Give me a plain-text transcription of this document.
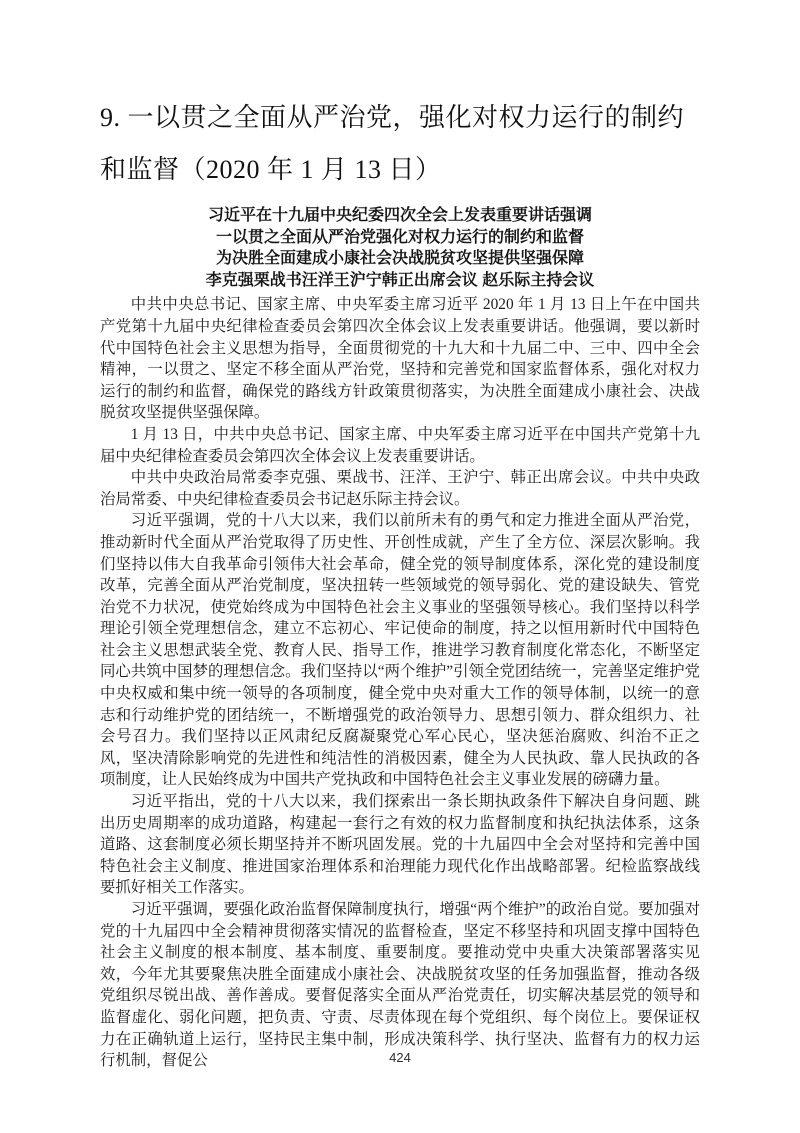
9. 一以贯之全面从严治党，强化对权力运行的制约和监督（2020 年 1 月 13 日）
习近平在十九届中央纪委四次全会上发表重要讲话强调
一以贯之全面从严治党强化对权力运行的制约和监督
为决胜全面建成小康社会决战脱贫攻坚提供坚强保障
李克强栗战书汪洋王沪宁韩正出席会议 赵乐际主持会议

中共中央总书记、国家主席、中央军委主席习近平 2020 年 1 月 13 日上午在中国共产党第十九届中央纪律检查委员会第四次全体会议上发表重要讲话。他强调，要以新时代中国特色社会主义思想为指导，全面贯彻党的十九大和十九届二中、三中、四中全会精神，一以贯之、坚定不移全面从严治党，坚持和完善党和国家监督体系，强化对权力运行的制约和监督，确保党的路线方针政策贯彻落实，为决胜全面建成小康社会、决战脱贫攻坚提供坚强保障。

1 月 13 日，中共中央总书记、国家主席、中央军委主席习近平在中国共产党第十九届中央纪律检查委员会第四次全体会议上发表重要讲话。

中共中央政治局常委李克强、栗战书、汪洋、王沪宁、韩正出席会议。中共中央政治局常委、中央纪律检查委员会书记赵乐际主持会议。

习近平强调，党的十八大以来，我们以前所未有的勇气和定力推进全面从严治党，推动新时代全面从严治党取得了历史性、开创性成就，产生了全方位、深层次影响。我们坚持以伟大自我革命引领伟大社会革命，健全党的领导制度体系，深化党的建设制度改革，完善全面从严治党制度，坚决扭转一些领域党的领导弱化、党的建设缺失、管党治党不力状况，使党始终成为中国特色社会主义事业的坚强领导核心。我们坚持以科学理论引领全党理想信念，建立不忘初心、牢记使命的制度，持之以恒用新时代中国特色社会主义思想武装全党、教育人民、指导工作，推进学习教育制度化常态化，不断坚定同心共筑中国梦的理想信念。我们坚持以“两个维护”引领全党团结统一，完善坚定维护党中央权威和集中统一领导的各项制度，健全党中央对重大工作的领导体制，以统一的意志和行动维护党的团结统一，不断增强党的政治领导力、思想引领力、群众组织力、社会号召力。我们坚持以正风肃纪反腐凝聚党心军心民心，坚决惩治腐败、纠治不正之风，坚决清除影响党的先进性和纯洁性的消极因素，健全为人民执政、靠人民执政的各项制度，让人民始终成为中国共产党执政和中国特色社会主义事业发展的磅礴力量。

习近平指出，党的十八大以来，我们探索出一条长期执政条件下解决自身问题、跳出历史周期率的成功道路，构建起一套行之有效的权力监督制度和执纪执法体系，这条道路、这套制度必须长期坚持并不断巩固发展。党的十九届四中全会对坚持和完善中国特色社会主义制度、推进国家治理体系和治理能力现代化作出战略部署。纪检监察战线要抓好相关工作落实。

习近平强调，要强化政治监督保障制度执行，增强“两个维护”的政治自觉。要加强对党的十九届四中全会精神贯彻落实情况的监督检查，坚定不移坚持和巩固支撑中国特色社会主义制度的根本制度、基本制度、重要制度。要推动党中央重大决策部署落实见效，今年尤其要聚焦决胜全面建成小康社会、决战脱贫攻坚的任务加强监督，推动各级党组织尽锐出战、善作善成。要督促落实全面从严治党责任，切实解决基层党的领导和监督虚化、弱化问题，把负责、守责、尽责体现在每个党组织、每个岗位上。要保证权力在正确轨道上运行，坚持民主集中制，形成决策科学、执行坚决、监督有力的权力运行机制，督促公	424
